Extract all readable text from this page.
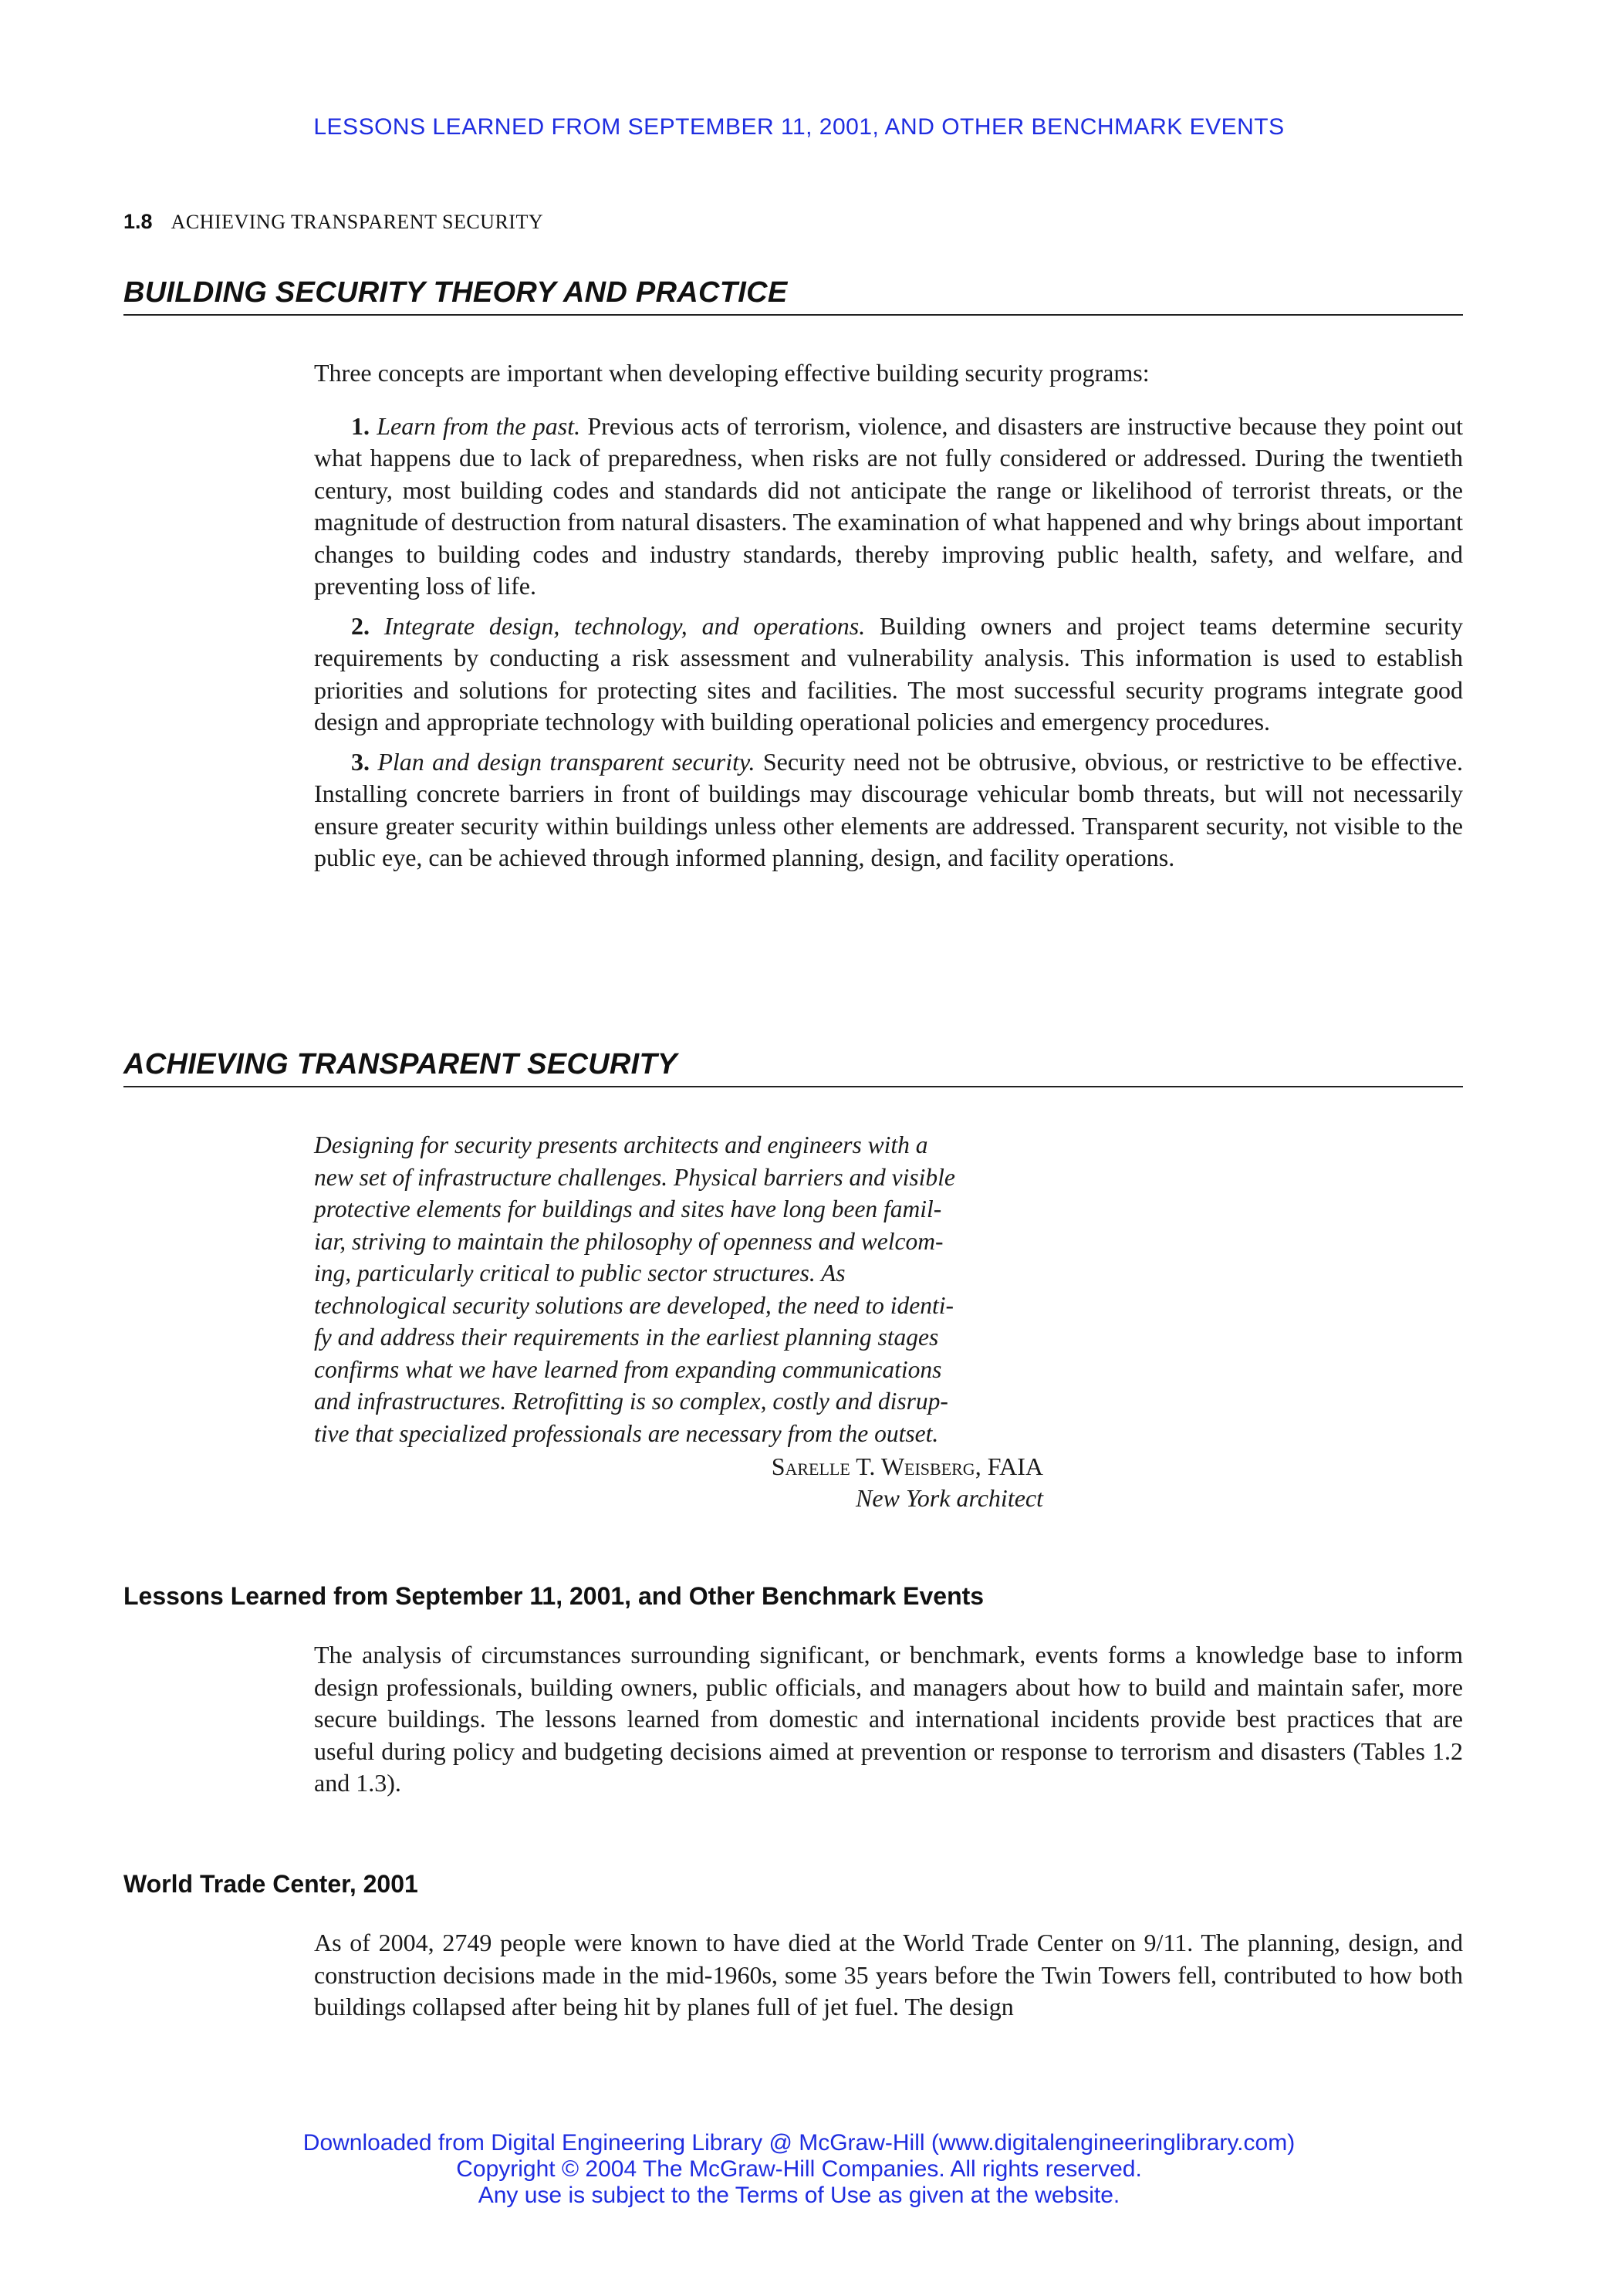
LESSONS LEARNED FROM SEPTEMBER 11, 2001, AND OTHER BENCHMARK EVENTS
1.8 ACHIEVING TRANSPARENT SECURITY
BUILDING SECURITY THEORY AND PRACTICE

Three concepts are important when developing effective building security programs:

1. Learn from the past. Previous acts of terrorism, violence, and disasters are instructive because they point out what happens due to lack of preparedness, when risks are not fully considered or addressed. During the twentieth century, most building codes and standards did not anticipate the range or likelihood of terrorist threats, or the magnitude of destruction from natural disasters. The examination of what happened and why brings about important changes to building codes and industry standards, thereby improving public health, safety, and welfare, and preventing loss of life.

2. Integrate design, technology, and operations. Building owners and project teams determine security requirements by conducting a risk assessment and vulnerability analysis. This information is used to establish priorities and solutions for protecting sites and facilities. The most successful security programs integrate good design and appropriate technology with building operational policies and emergency procedures.

3. Plan and design transparent security. Security need not be obtrusive, obvious, or restrictive to be effective. Installing concrete barriers in front of buildings may discourage vehicular bomb threats, but will not necessarily ensure greater security within buildings unless other elements are addressed. Transparent security, not visible to the public eye, can be achieved through informed planning, design, and facility operations.

ACHIEVING TRANSPARENT SECURITY
Designing for security presents architects and engineers with a
new set of infrastructure challenges. Physical barriers and visible
protective elements for buildings and sites have long been famil-
iar, striving to maintain the philosophy of openness and welcom-
ing, particularly critical to public sector structures. As
technological security solutions are developed, the need to identi-
fy and address their requirements in the earliest planning stages
confirms what we have learned from expanding communications
and infrastructures. Retrofitting is so complex, costly and disrup-
tive that specialized professionals are necessary from the outset.
Sarelle T. Weisberg, FAIA
New York architect
Lessons Learned from September 11, 2001, and Other Benchmark Events

The analysis of circumstances surrounding significant, or benchmark, events forms a knowledge base to inform design professionals, building owners, public officials, and managers about how to build and maintain safer, more secure buildings. The lessons learned from domestic and international incidents provide best practices that are useful during policy and budgeting decisions aimed at prevention or response to terrorism and disasters (Tables 1.2 and 1.3).

World Trade Center, 2001

As of 2004, 2749 people were known to have died at the World Trade Center on 9/11. The planning, design, and construction decisions made in the mid-1960s, some 35 years before the Twin Towers fell, contributed to how both buildings collapsed after being hit by planes full of jet fuel. The design

Downloaded from Digital Engineering Library @ McGraw-Hill (www.digitalengineeringlibrary.com)
Copyright © 2004 The McGraw-Hill Companies. All rights reserved.
Any use is subject to the Terms of Use as given at the website.
